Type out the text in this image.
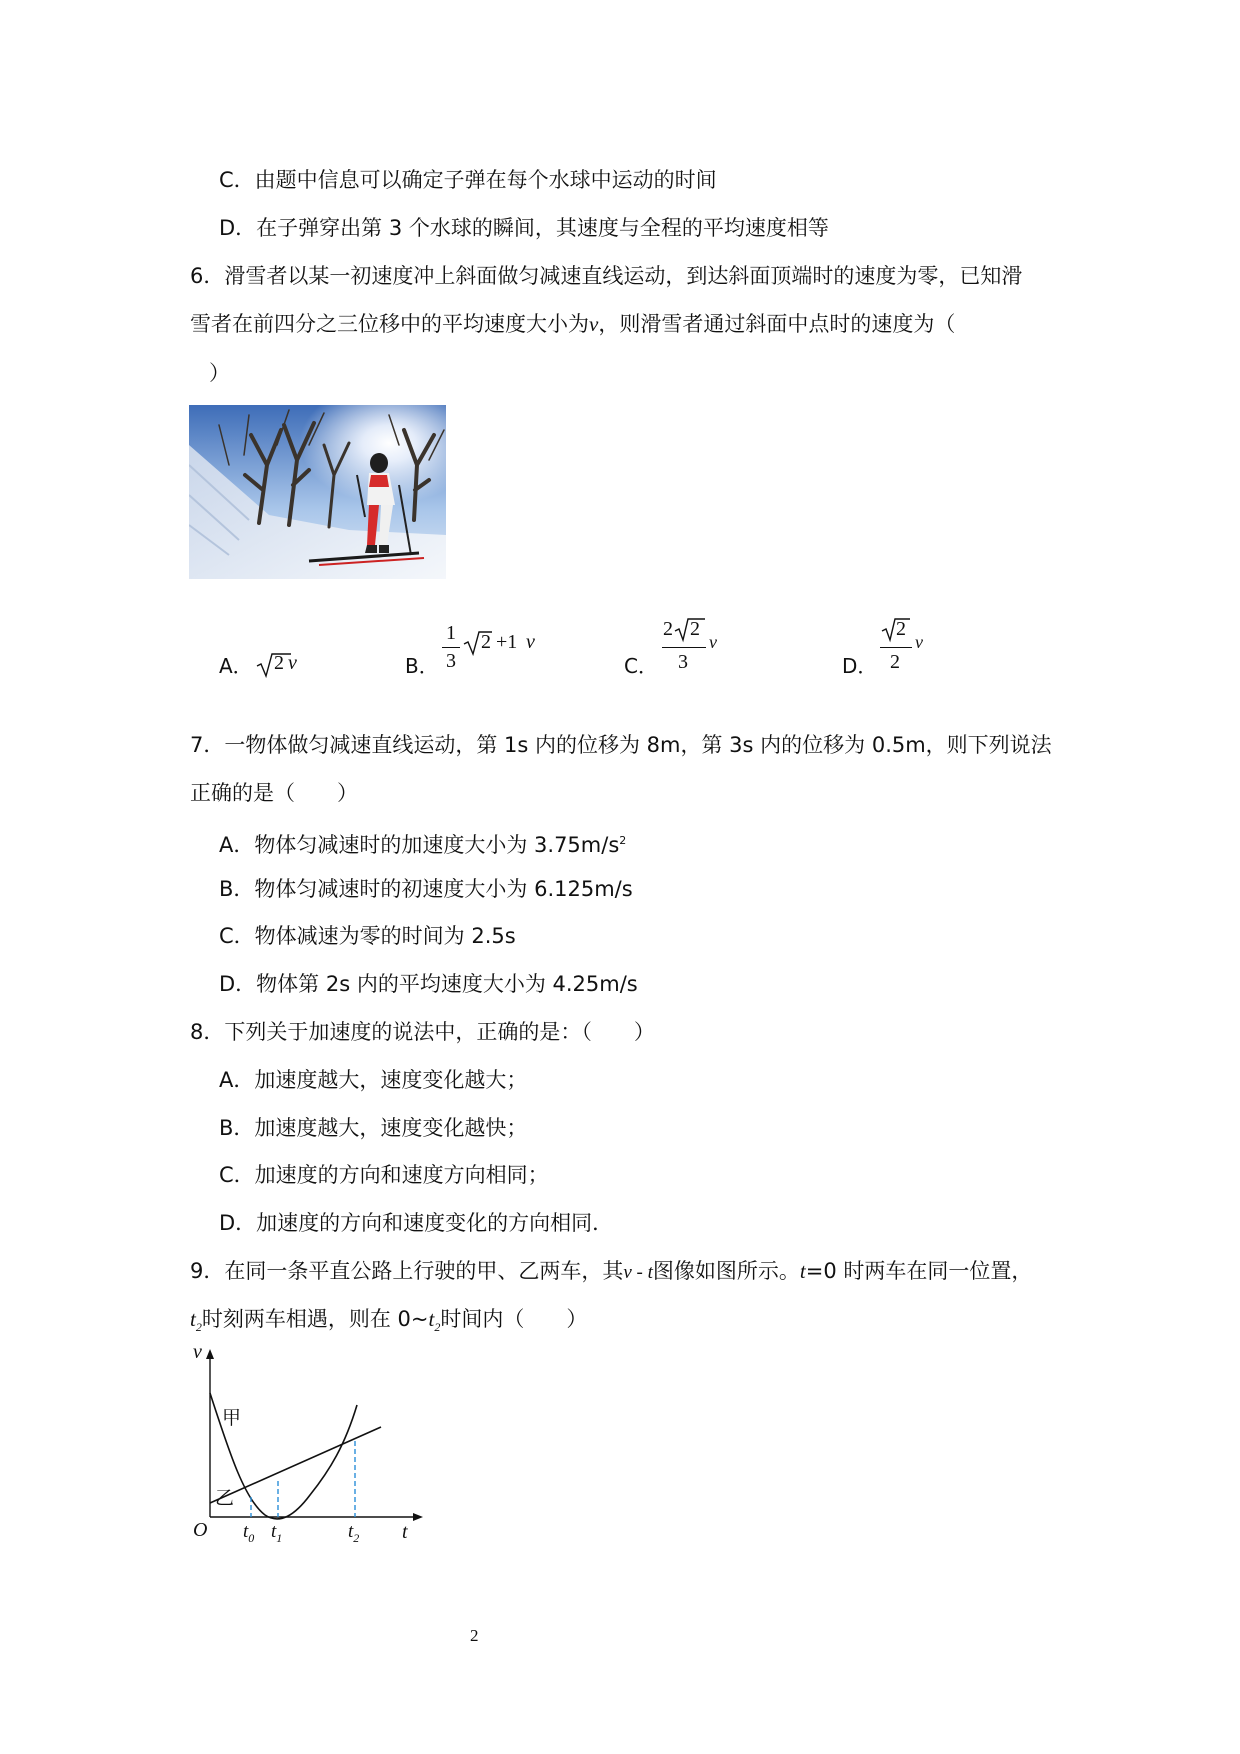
C．由题中信息可以确定子弹在每个水球中运动的时间
D．在子弹穿出第 3 个水球的瞬间，其速度与全程的平均速度相等
6．滑雪者以某一初速度冲上斜面做匀减速直线运动，到达斜面顶端时的速度为零，已知滑
雪者在前四分之三位移中的平均速度大小为v，则滑雪者通过斜面中点时的速度为（
）
A． 2 v	B．
1
3
2 +1 v
C．
2 2
3
v
D．
2
2
v
7．一物体做匀减速直线运动，第 1s 内的位移为 8m，第 3s 内的位移为 0.5m，则下列说法
正确的是（　　）
A．物体匀减速时的加速度大小为 $3.75m/s^2$
B．物体匀减速时的初速度大小为 6.125m/s
C．物体减速为零的时间为 2.5s
D．物体第 2s 内的平均速度大小为 4.25m/s
8．下列关于加速度的说法中，正确的是：（　　）
A．加速度越大，速度变化越大；
B．加速度越大，速度变化越快；
C．加速度的方向和速度方向相同；
D．加速度的方向和速度变化的方向相同．
9．在同一条平直公路上行驶的甲、乙两车，其v - t图像如图所示。t=0 时两车在同一位置，
$t_2$时刻两车相遇，则在 $0\sim t_2$时间内（　　）
v
t
O
甲
乙
$t_0$ $t_1$	$t_2$
2
